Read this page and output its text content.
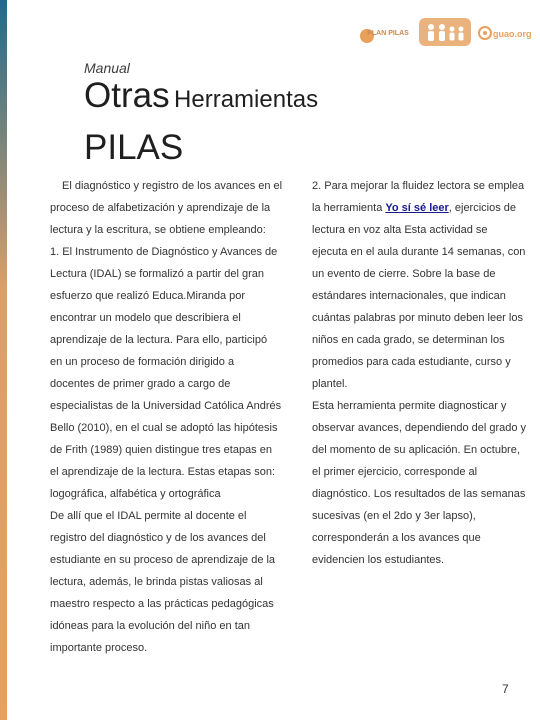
PLAN PILAS	guao.org
Manual
Otras Herramientas
PILAS
El diagnóstico y registro de los avances en el
proceso de alfabetización y aprendizaje de la
lectura y la escritura, se obtiene empleando:
1. El Instrumento de Diagnóstico y Avances de
Lectura (IDAL) se formalizó a partir del gran
esfuerzo que realizó Educa.Miranda por
encontrar un modelo que describiera el
aprendizaje de la lectura. Para ello, participó
en un proceso de formación dirigido a
docentes de primer grado a cargo de
especialistas de la Universidad Católica Andrés
Bello (2010), en el cual se adoptó las hipótesis
de Frith (1989) quien distingue tres etapas en
el aprendizaje de la lectura. Estas etapas son:
logográfica, alfabética y ortográfica
De allí que el IDAL permite al docente el
registro del diagnóstico y de los avances del
estudiante en su proceso de aprendizaje de la
lectura, además, le brinda pistas valiosas al
maestro respecto a las prácticas pedagógicas
idóneas para la evolución del niño en tan
importante proceso.
2. Para mejorar la fluidez lectora se emplea
la herramienta Yo sí sé leer, ejercicios de
lectura en voz alta Esta actividad se
ejecuta en el aula durante 14 semanas, con
un evento de cierre. Sobre la base de
estándares internacionales, que indican
cuántas palabras por minuto deben leer los
niños en cada grado, se determinan los
promedios para cada estudiante, curso y
plantel.
Esta herramienta permite diagnosticar y
observar avances, dependiendo del grado y
del momento de su aplicación. En octubre,
el primer ejercicio, corresponde al
diagnóstico. Los resultados de las semanas
sucesivas (en el 2do y 3er lapso),
corresponderán a los avances que
evidencien los estudiantes.
7
